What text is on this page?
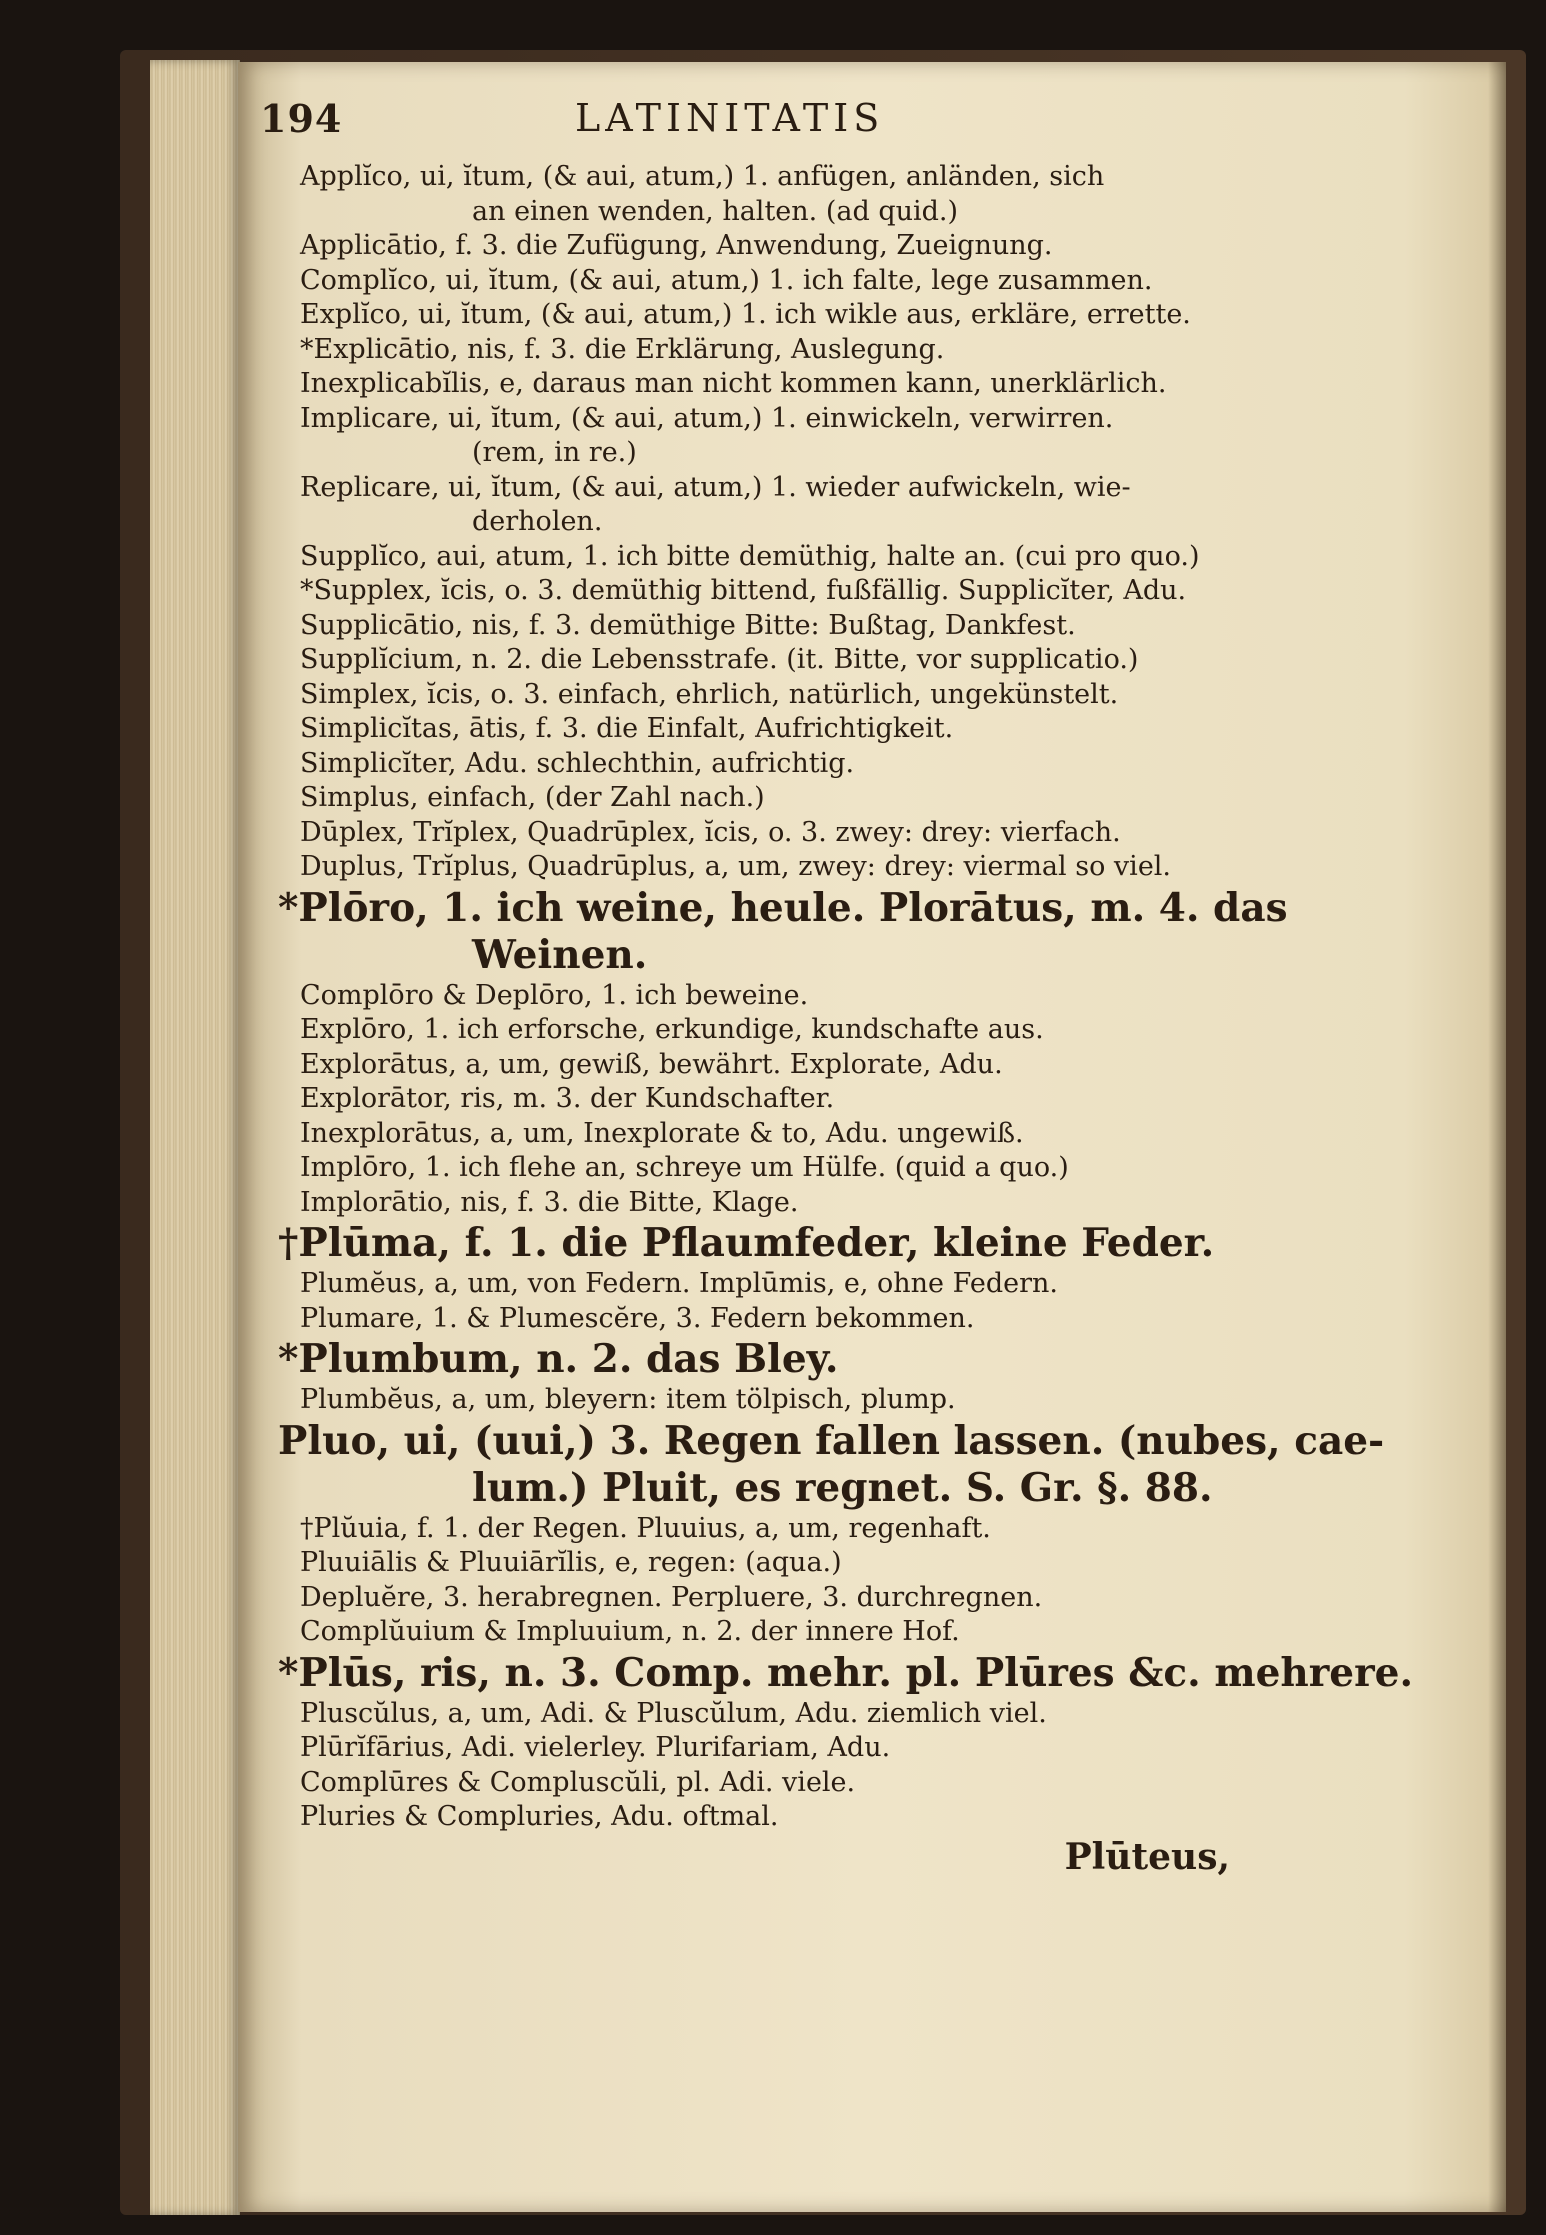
194	LATINITATIS
Applĭco, ui, ĭtum, (& aui, atum,) 1. anfügen, anländen, sich
an einen wenden, halten. (ad quid.)
Applicātio, f. 3. die Zufügung, Anwendung, Zueignung.
Complĭco, ui, ĭtum, (& aui, atum,) 1. ich falte, lege zusammen.
Explĭco, ui, ĭtum, (& aui, atum,) 1. ich wikle aus, erkläre, errette.
*Explicātio, nis, f. 3. die Erklärung, Auslegung.
Inexplicabĭlis, e, daraus man nicht kommen kann, unerklärlich.
Implicare, ui, ĭtum, (& aui, atum,) 1. einwickeln, verwirren.
(rem, in re.)
Replicare, ui, ĭtum, (& aui, atum,) 1. wieder aufwickeln, wie-
derholen.
Supplĭco, aui, atum, 1. ich bitte demüthig, halte an. (cui pro quo.)
*Supplex, ĭcis, o. 3. demüthig bittend, fußfällig. Supplicĭter, Adu.
Supplicātio, nis, f. 3. demüthige Bitte: Bußtag, Dankfest.
Supplĭcium, n. 2. die Lebensstrafe. (it. Bitte, vor supplicatio.)
Simplex, ĭcis, o. 3. einfach, ehrlich, natürlich, ungekünstelt.
Simplicĭtas, ātis, f. 3. die Einfalt, Aufrichtigkeit.
Simplicĭter, Adu. schlechthin, aufrichtig.
Simplus, einfach, (der Zahl nach.)
Dūplex, Trĭplex, Quadrūplex, ĭcis, o. 3. zwey: drey: vierfach.
Duplus, Trĭplus, Quadrūplus, a, um, zwey: drey: viermal so viel.
*Plōro, 1. ich weine, heule. Plorātus, m. 4. das
Weinen.
Complōro & Deplōro, 1. ich beweine.
Explōro, 1. ich erforsche, erkundige, kundschafte aus.
Explorātus, a, um, gewiß, bewährt. Explorate, Adu.
Explorātor, ris, m. 3. der Kundschafter.
Inexplorātus, a, um, Inexplorate & to, Adu. ungewiß.
Implōro, 1. ich flehe an, schreye um Hülfe. (quid a quo.)
Implorātio, nis, f. 3. die Bitte, Klage.
†Plūma, f. 1. die Pflaumfeder, kleine Feder.
Plumĕus, a, um, von Federn. Implūmis, e, ohne Federn.
Plumare, 1. & Plumescĕre, 3. Federn bekommen.
*Plumbum, n. 2. das Bley.
Plumbĕus, a, um, bleyern: item tölpisch, plump.
Pluo, ui, (uui,) 3. Regen fallen lassen. (nubes, cae-
lum.) Pluit, es regnet. S. Gr. §. 88.
†Plŭuia, f. 1. der Regen. Pluuius, a, um, regenhaft.
Pluuiālis & Pluuiārĭlis, e, regen: (aqua.)
Depluĕre, 3. herabregnen. Perpluere, 3. durchregnen.
Complŭuium & Impluuium, n. 2. der innere Hof.
*Plūs, ris, n. 3. Comp. mehr. pl. Plūres &c. mehrere.
Pluscŭlus, a, um, Adi. & Pluscŭlum, Adu. ziemlich viel.
Plūrĭfārius, Adi. vielerley. Plurifariam, Adu.
Complūres & Compluscŭli, pl. Adi. viele.
Pluries & Compluries, Adu. oftmal.
Plūteus,
